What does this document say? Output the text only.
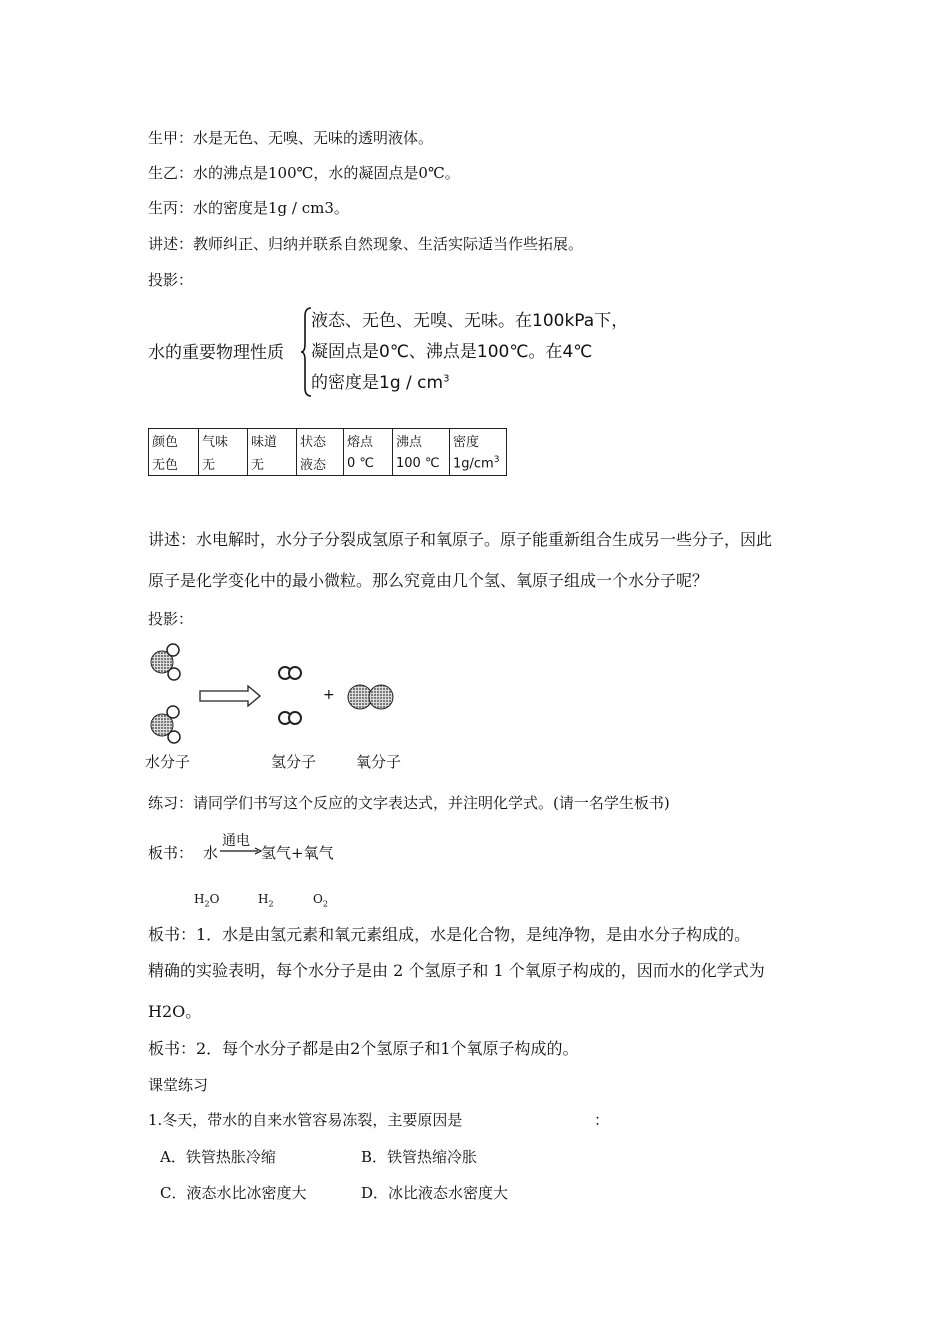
生甲：水是无色、无嗅、无味的透明液体。
生乙：水的沸点是100℃，水的凝固点是0℃。
生丙：水的密度是1g / cm3。
讲述：教师纠正、归纳并联系自然现象、生活实际适当作些拓展。
投影：
水的重要物理性质
液态、无色、无嗅、无味。在100kPa下，
凝固点是0℃、沸点是100℃。在4℃
的密度是$1g / cm^3$
颜色	气味	味道	状态	熔点	沸点	密度
无色	无	无	液态	0 ℃	100 ℃	$1g/cm^3$
讲述：水电解时，水分子分裂成氢原子和氧原子。原子能重新组合生成另一些分子，因此
原子是化学变化中的最小微粒。那么究竟由几个氢、氧原子组成一个水分子呢？
投影：
+
水分子	氢分子	氧分子
练习：请同学们书写这个反应的文字表达式，并注明化学式。(请一名学生板书)
板书： 水
通电
→ 氢气+氧气
$H_2O$	$H_2$	$O_2$
板书：1．水是由氢元素和氧元素组成，水是化合物，是纯净物，是由水分子构成的。
精确的实验表明，每个水分子是由 2 个氢原子和 1 个氧原子构成的，因而水的化学式为
H2O。
板书：2．每个水分子都是由2个氢原子和1个氧原子构成的。
课堂练习
1.冬天，带水的自来水管容易冻裂，主要原因是	：
A．铁管热胀冷缩	B．铁管热缩冷胀
C．液态水比冰密度大	D．冰比液态水密度大
